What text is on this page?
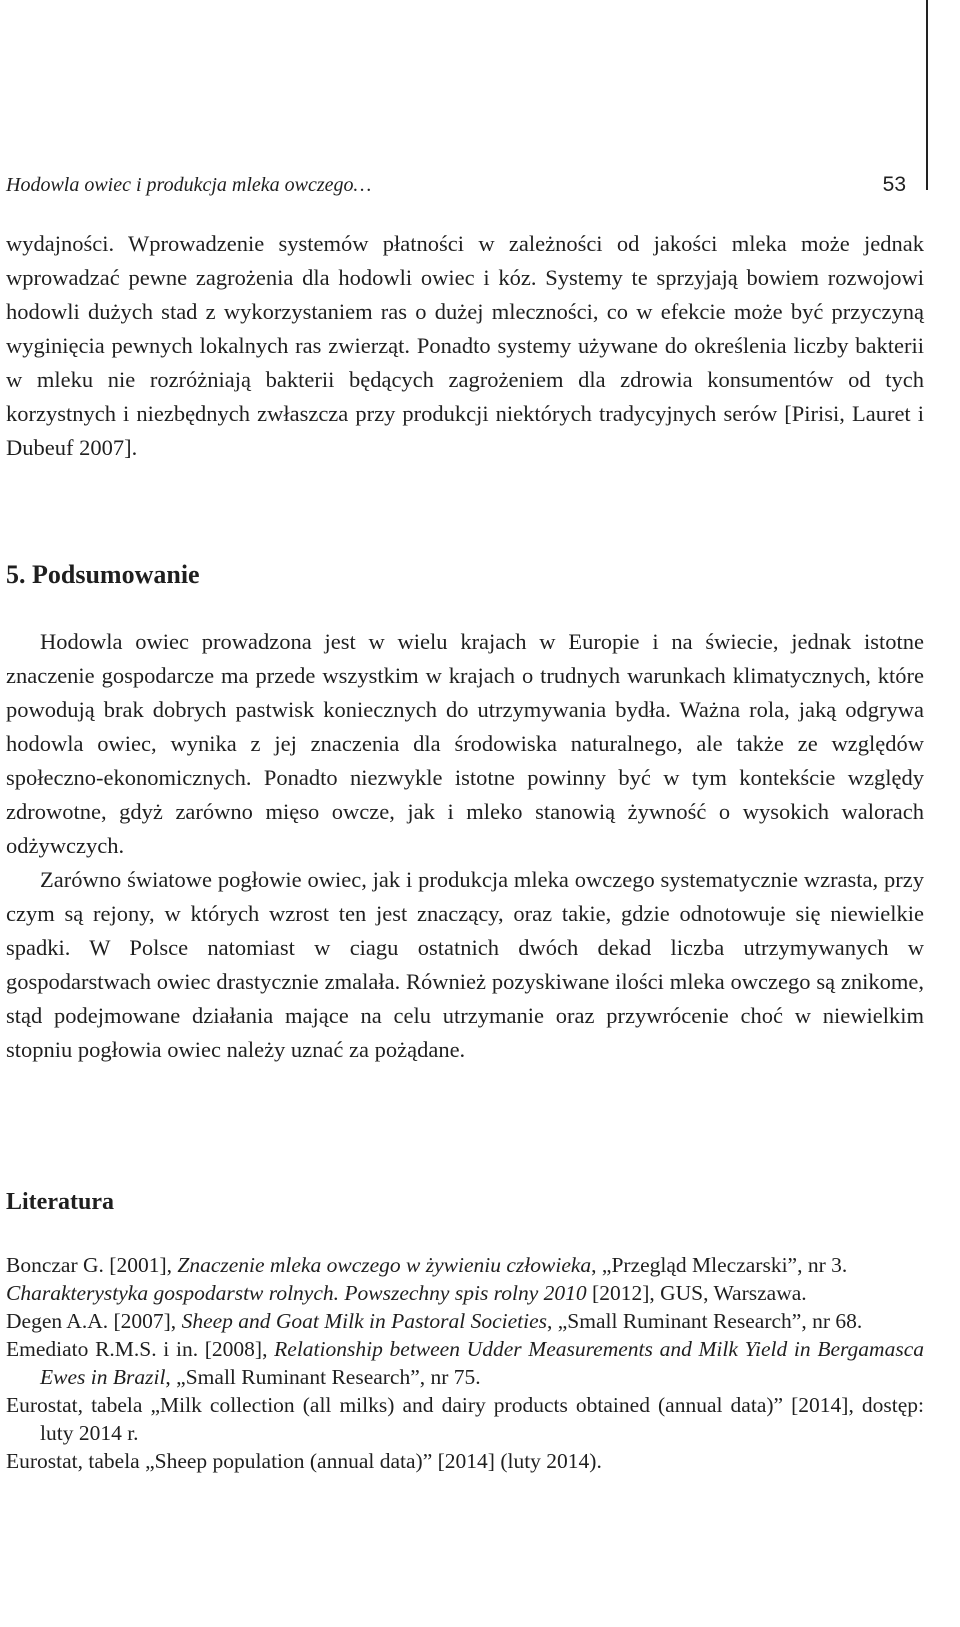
Hodowla owiec i produkcja mleka owczego…	53

wydajności. Wprowadzenie systemów płatności w zależności od jakości mleka może jednak wprowadzać pewne zagrożenia dla hodowli owiec i kóz. Systemy te sprzyjają bowiem rozwojowi hodowli dużych stad z wykorzystaniem ras o dużej mleczności, co w efekcie może być przyczyną wyginięcia pewnych lokalnych ras zwierząt. Ponadto systemy używane do określenia liczby bakterii w mleku nie rozróżniają bakterii będących zagrożeniem dla zdrowia konsumentów od tych korzystnych i niezbędnych zwłaszcza przy produkcji niektórych tradycyjnych serów [Pirisi, Lauret i Dubeuf 2007].

5. Podsumowanie

Hodowla owiec prowadzona jest w wielu krajach w Europie i na świecie, jednak istotne znaczenie gospodarcze ma przede wszystkim w krajach o trudnych warunkach klimatycznych, które powodują brak dobrych pastwisk koniecznych do utrzymywania bydła. Ważna rola, jaką odgrywa hodowla owiec, wynika z jej znaczenia dla środowiska naturalnego, ale także ze względów społeczno-ekonomicznych. Ponadto niezwykle istotne powinny być w tym kontekście względy zdrowotne, gdyż zarówno mięso owcze, jak i mleko stanowią żywność o wysokich walorach odżywczych.

Zarówno światowe pogłowie owiec, jak i produkcja mleka owczego systematycznie wzrasta, przy czym są rejony, w których wzrost ten jest znaczący, oraz takie, gdzie odnotowuje się niewielkie spadki. W Polsce natomiast w ciagu ostatnich dwóch dekad liczba utrzymywanych w gospodarstwach owiec drastycznie zmalała. Również pozyskiwane ilości mleka owczego są znikome, stąd podejmowane działania mające na celu utrzymanie oraz przywrócenie choć w niewielkim stopniu pogłowia owiec należy uznać za pożądane.

Literatura
Bonczar G. [2001], Znaczenie mleka owczego w żywieniu człowieka, „Przegląd Mleczarski”, nr 3.
Charakterystyka gospodarstw rolnych. Powszechny spis rolny 2010 [2012], GUS, Warszawa.
Degen A.A. [2007], Sheep and Goat Milk in Pastoral Societies, „Small Ruminant Research”, nr 68.
Emediato R.M.S. i in. [2008], Relationship between Udder Measurements and Milk Yield in Bergamasca Ewes in Brazil, „Small Ruminant Research”, nr 75.
Eurostat, tabela „Milk collection (all milks) and dairy products obtained (annual data)” [2014], dostęp: luty 2014 r.
Eurostat, tabela „Sheep population (annual data)” [2014] (luty 2014).
